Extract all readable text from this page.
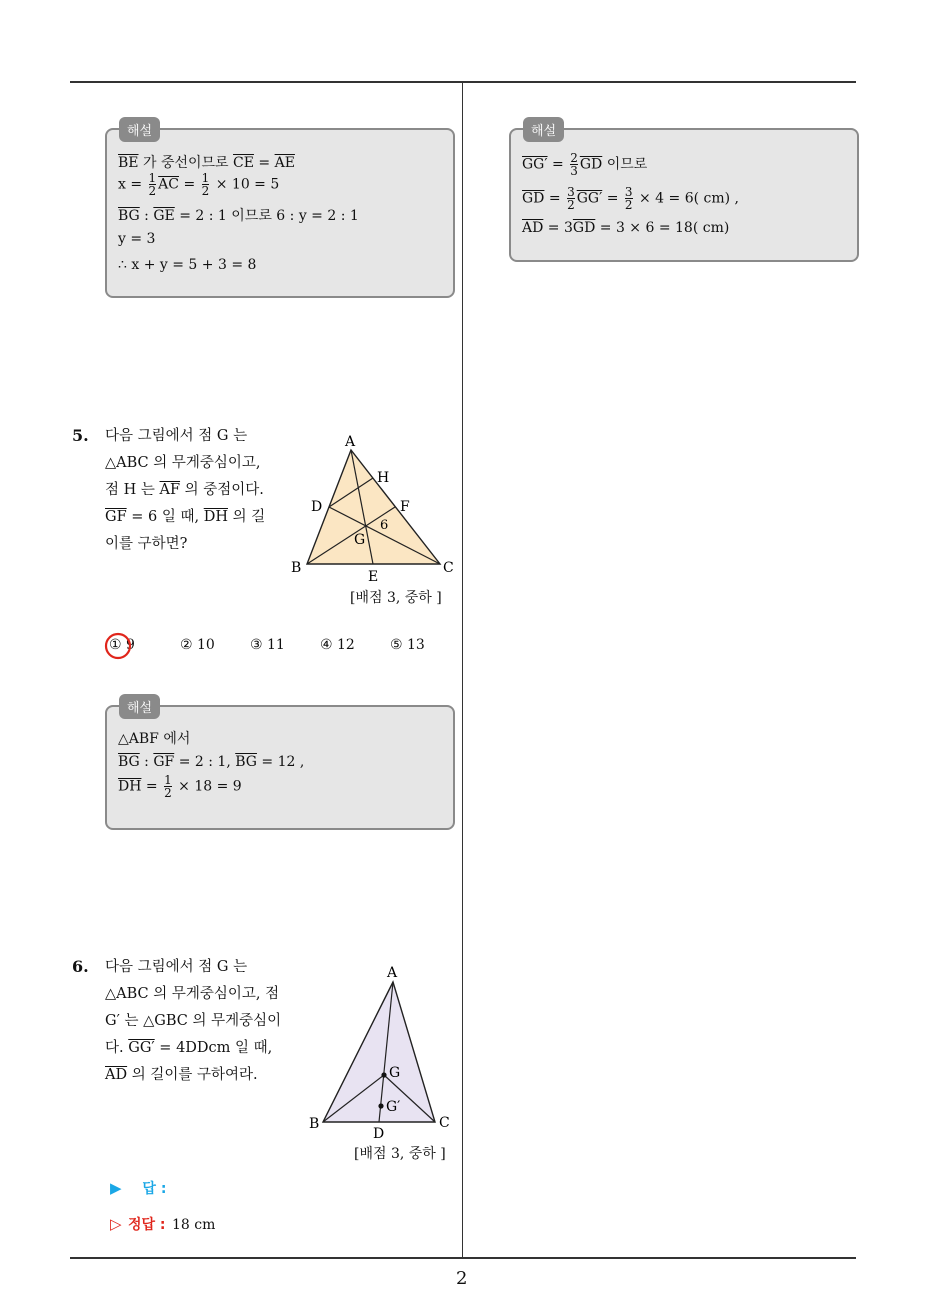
2
해설
$\overline{BE}$ 가 중선이므로 $\overline{CE} = \overline{AE}$
$x = \frac{1}{2} \overline{AC} = \frac{1}{2} \times 10 = 5$
$\overline{BG}$ : $\overline{GE} = 2$ : 1 이므로 6 : y = 2 : 1
y = 3
∴ x + y = 5 + 3 = 8
5. 다음 그림에서 점 G 는
△ABC 의 무게중심이고,
점 H 는 $\overline{AF}$ 의 중점이다.
$\overline{GF} = 6$ 일 때, $\overline{DH}$ 의 길
이를 구하면?
A
B	C
D
E
F
G
H
6
[배점 3, 중하 ]
① 9	② 10	③ 11	④ 12	⑤ 13
해설
△ABF 에서
$\overline{BG}$ : $\overline{GF} = 2$ : 1, $\overline{BG} = 12$ ,
$\overline{DH} = \frac{1}{2} \times 18 = 9$
6. 다음 그림에서 점 G 는
△ABC 의 무게중심이고, 점
G′ 는 △GBC 의 무게중심이
다. GG′ = 4DDcm 일 때,
$\overline{AD}$ 의 길이를 구하여라.
A
B	C
D
G
G′
[배점 3, 중하 ]
▶ 답 :
▷ 정답 : 18 cm
해설
$GG' = \frac{2}{3} \overline{GD}$ 이므로
$\overline{GD} = \frac{3}{2} GG' = \frac{3}{2} \times 4 = 6$( cm) ,
$\overline{AD} = 3\overline{GD} = 3 \times 6 = 18$( cm)
